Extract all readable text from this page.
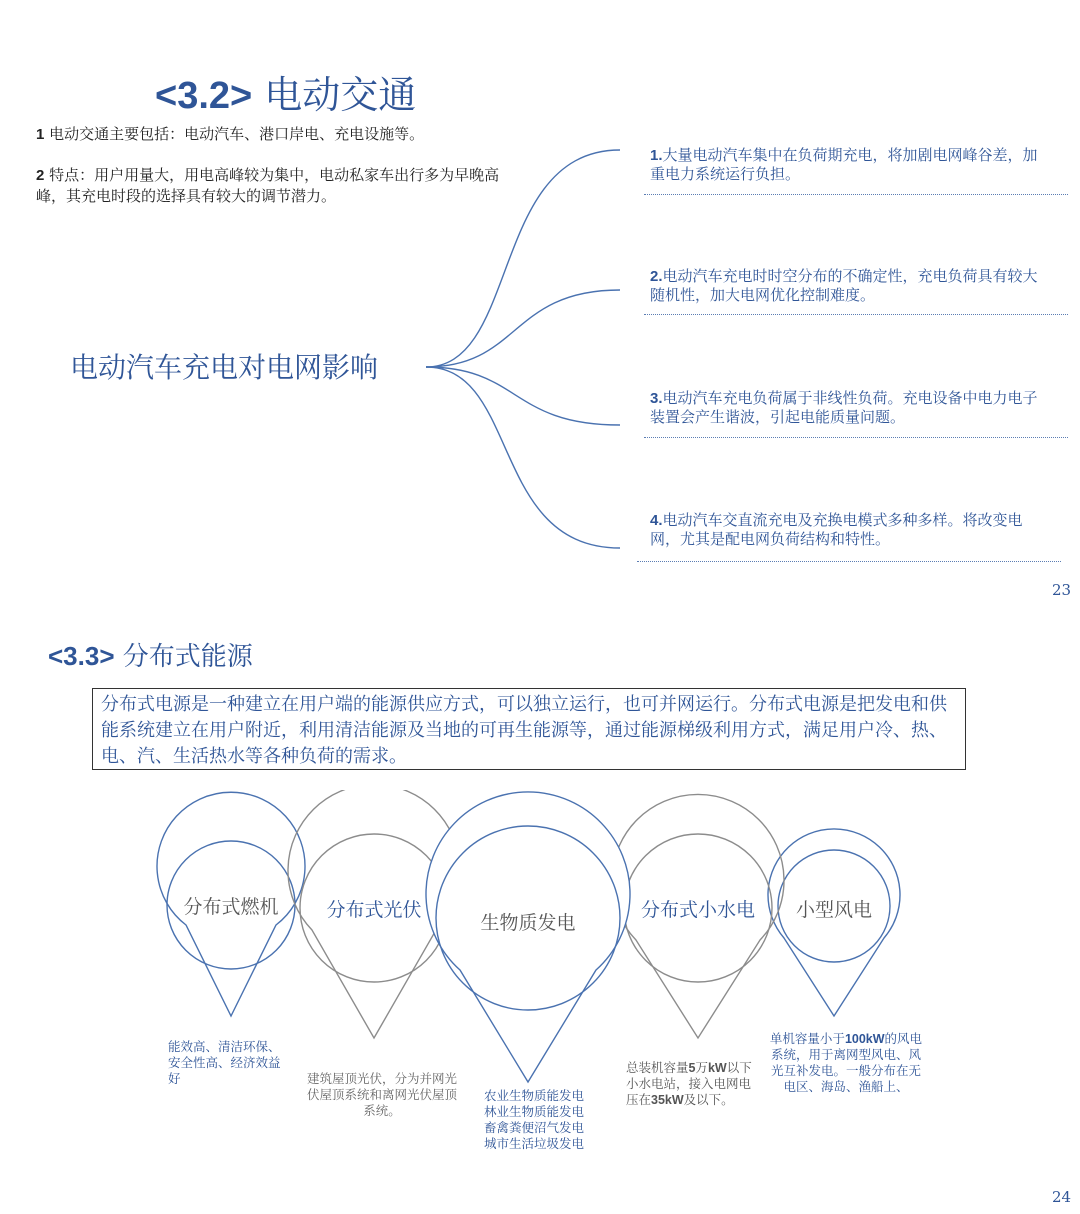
<3.2> 电动交通
1 电动交通主要包括：电动汽车、港口岸电、充电设施等。
2 特点：用户用量大，用电高峰较为集中，电动私家车出行多为早晚高峰，其充电时段的选择具有较大的调节潜力。
电动汽车充电对电网影响
1.大量电动汽车集中在负荷期充电，将加剧电网峰谷差，加重电力系统运行负担。
2.电动汽车充电时时空分布的不确定性，充电负荷具有较大随机性，加大电网优化控制难度。
3.电动汽车充电负荷属于非线性负荷。充电设备中电力电子装置会产生谐波，引起电能质量问题。
4.电动汽车交直流充电及充换电模式多种多样。将改变电网，尤其是配电网负荷结构和特性。
23
<3.3> 分布式能源
分布式电源是一种建立在用户端的能源供应方式，可以独立运行，也可并网运行。分布式电源是把发电和供能系统建立在用户附近，利用清洁能源及当地的可再生能源等，通过能源梯级利用方式，满足用户冷、热、电、汽、生活热水等各种负荷的需求。
分布式燃机	分布式光伏
生物质发电
分布式小水电	小型风电
能效高、清洁环保、安全性高、经济效益好	建筑屋顶光伏，分为并网光伏屋顶系统和离网光伏屋顶系统。
农业生物质能发电
林业生物质能发电
畜禽粪便沼气发电
城市生活垃圾发电
总装机容量5万kW以下小水电站，接入电网电压在35kW及以下。
单机容量小于100kW的风电系统，用于离网型风电、风光互补发电。一般分布在无电区、海岛、渔船上、
24
